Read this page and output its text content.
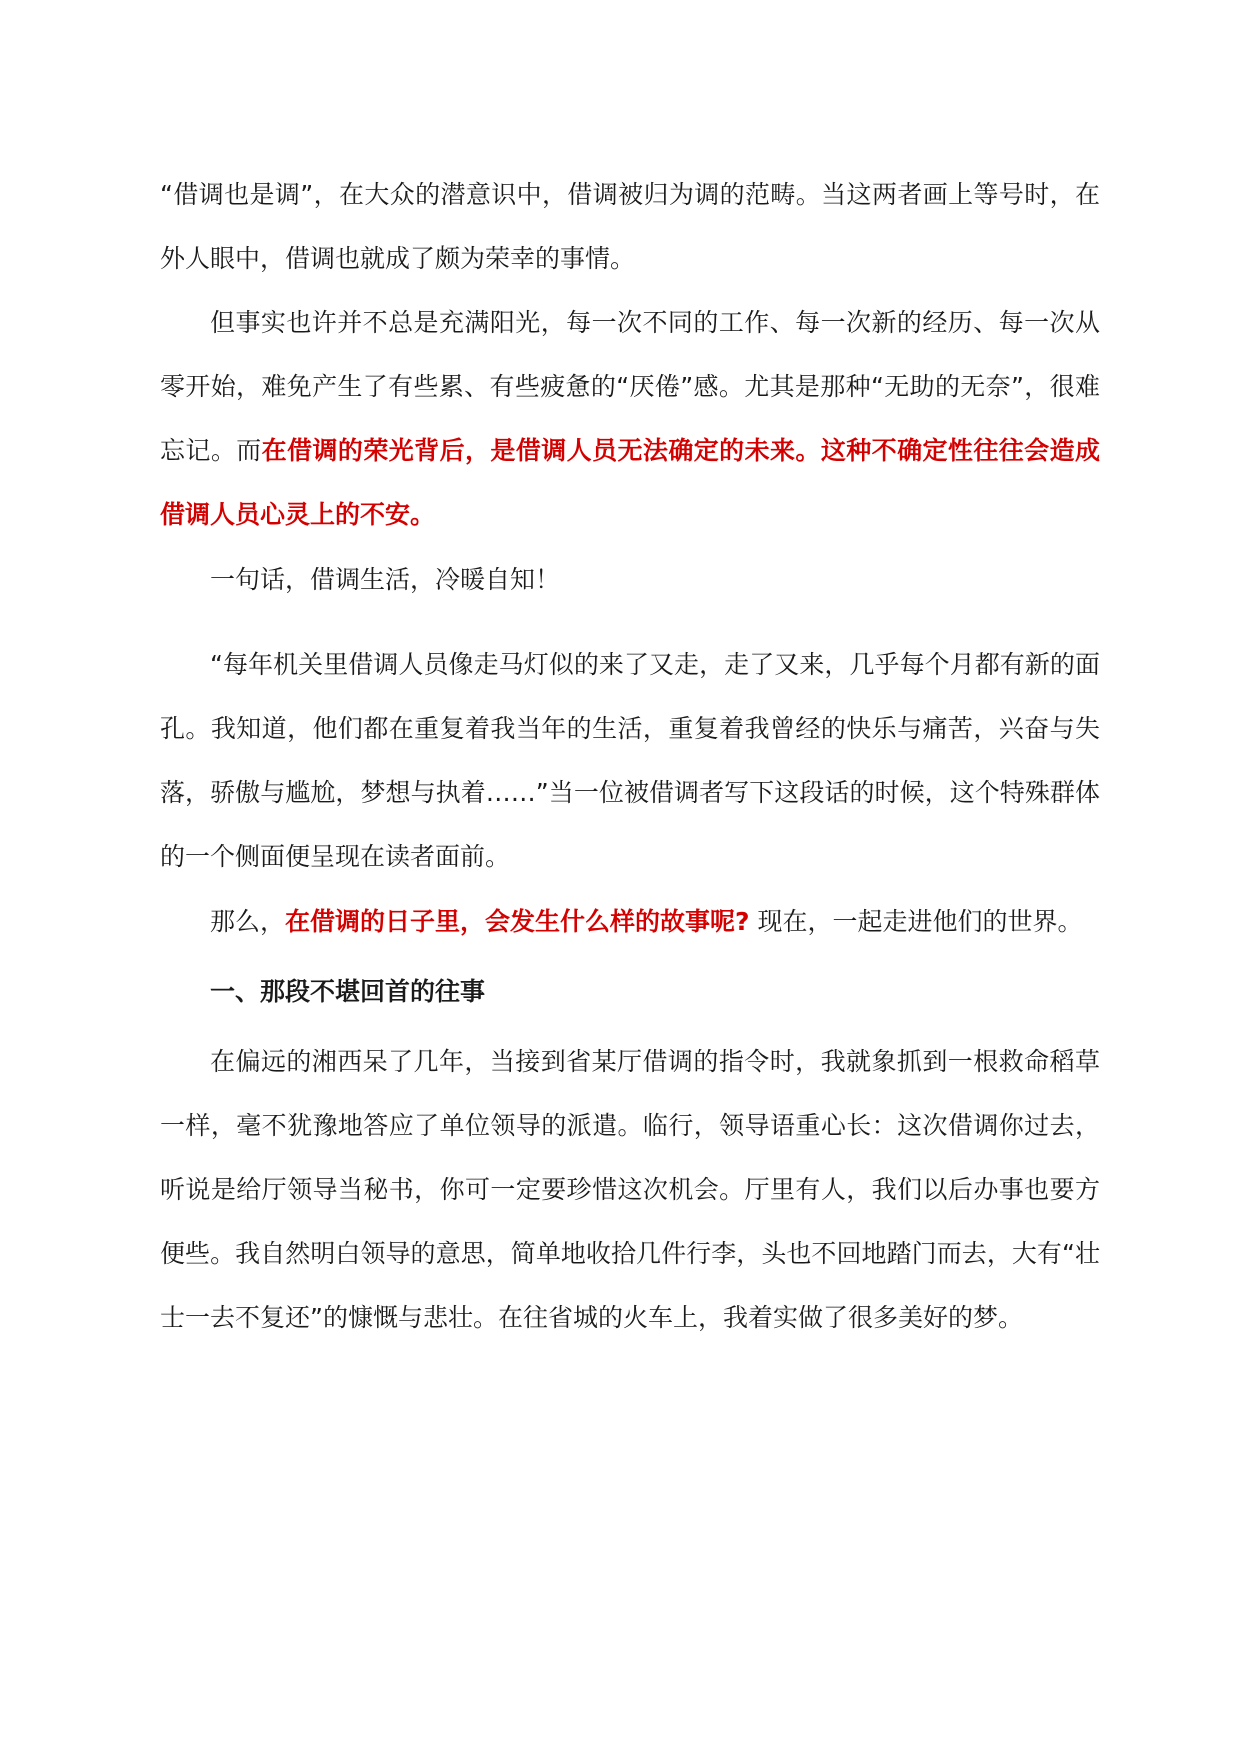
“借调也是调”，在大众的潜意识中，借调被归为调的范畴。当这两者画上等号时，在外人眼中，借调也就成了颇为荣幸的事情。

但事实也许并不总是充满阳光，每一次不同的工作、每一次新的经历、每一次从零开始，难免产生了有些累、有些疲惫的“厌倦”感。尤其是那种“无助的无奈”，很难忘记。而在借调的荣光背后，是借调人员无法确定的未来。这种不确定性往往会造成借调人员心灵上的不安。

一句话，借调生活，冷暖自知！

“每年机关里借调人员像走马灯似的来了又走，走了又来，几乎每个月都有新的面孔。我知道，他们都在重复着我当年的生活，重复着我曾经的快乐与痛苦，兴奋与失落，骄傲与尴尬，梦想与执着……”当一位被借调者写下这段话的时候，这个特殊群体的一个侧面便呈现在读者面前。

那么，在借调的日子里，会发生什么样的故事呢? 现在，一起走进他们的世界。

一、那段不堪回首的往事

在偏远的湘西呆了几年，当接到省某厅借调的指令时，我就象抓到一根救命稻草一样，毫不犹豫地答应了单位领导的派遣。临行，领导语重心长：这次借调你过去，听说是给厅领导当秘书，你可一定要珍惜这次机会。厅里有人，我们以后办事也要方便些。我自然明白领导的意思，简单地收拾几件行李，头也不回地踏门而去，大有“壮士一去不复还”的慷慨与悲壮。在往省城的火车上，我着实做了很多美好的梦。
